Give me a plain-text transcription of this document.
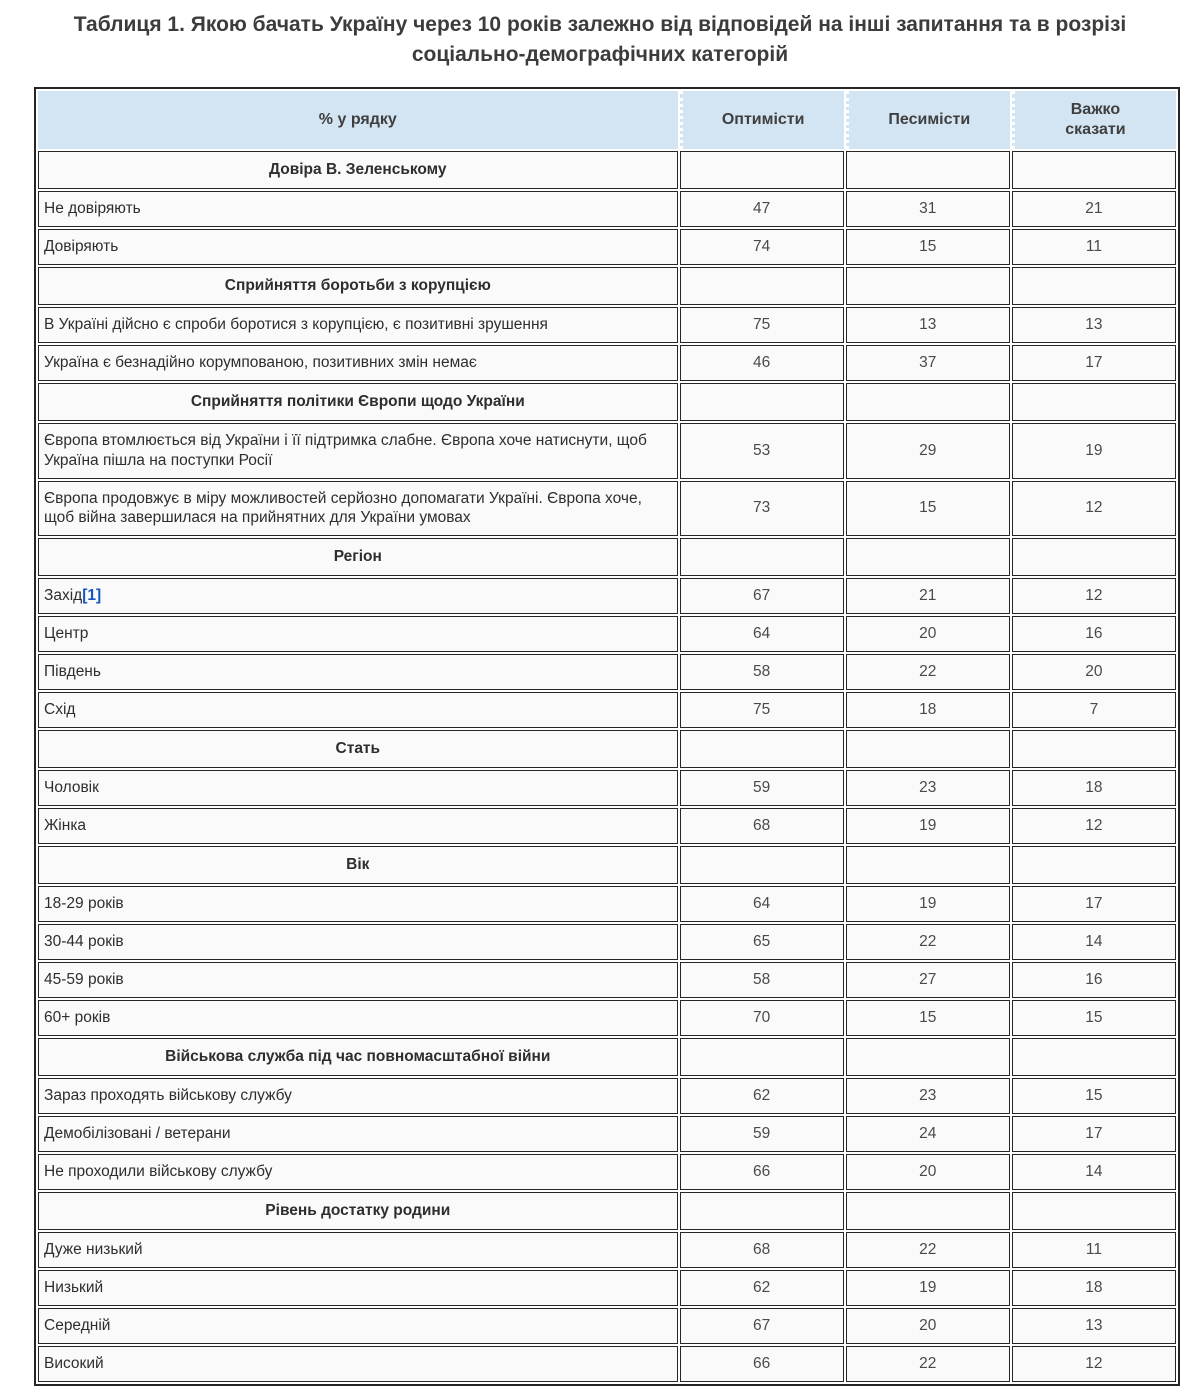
Таблиця 1. Якою бачать Україну через 10 років залежно від відповідей на інші запитання та в розрізі соціально-демографічних категорій
% у рядку	Оптимісти	Песимісти	Важко сказати

Довіра В. Зеленському			
Не довіряють	47	31	21
Довіряють	74	15	11
Сприйняття боротьби з корупцією			
В Україні дійсно є спроби боротися з корупцією, є позитивні зрушення	75	13	13
Україна є безнадійно корумпованою, позитивних змін немає	46	37	17
Сприйняття політики Європи щодо України			
Європа втомлюється від України і її підтримка слабне. Європа хоче натиснути, щоб Україна пішла на поступки Росії	53	29	19
Європа продовжує в міру можливостей серйозно допомагати Україні. Європа хоче, щоб війна завершилася на прийнятних для України умовах	73	15	12
Регіон			
Захід[1]	67	21	12
Центр	64	20	16
Південь	58	22	20
Схід	75	18	7
Стать			
Чоловік	59	23	18
Жінка	68	19	12
Вік			
18-29 років	64	19	17
30-44 років	65	22	14
45-59 років	58	27	16
60+ років	70	15	15
Військова служба під час повномасштабної війни			
Зараз проходять військову службу	62	23	15
Демобілізовані / ветерани	59	24	17
Не проходили військову службу	66	20	14
Рівень достатку родини			
Дуже низький	68	22	11
Низький	62	19	18
Середній	67	20	13
Високий	66	22	12
